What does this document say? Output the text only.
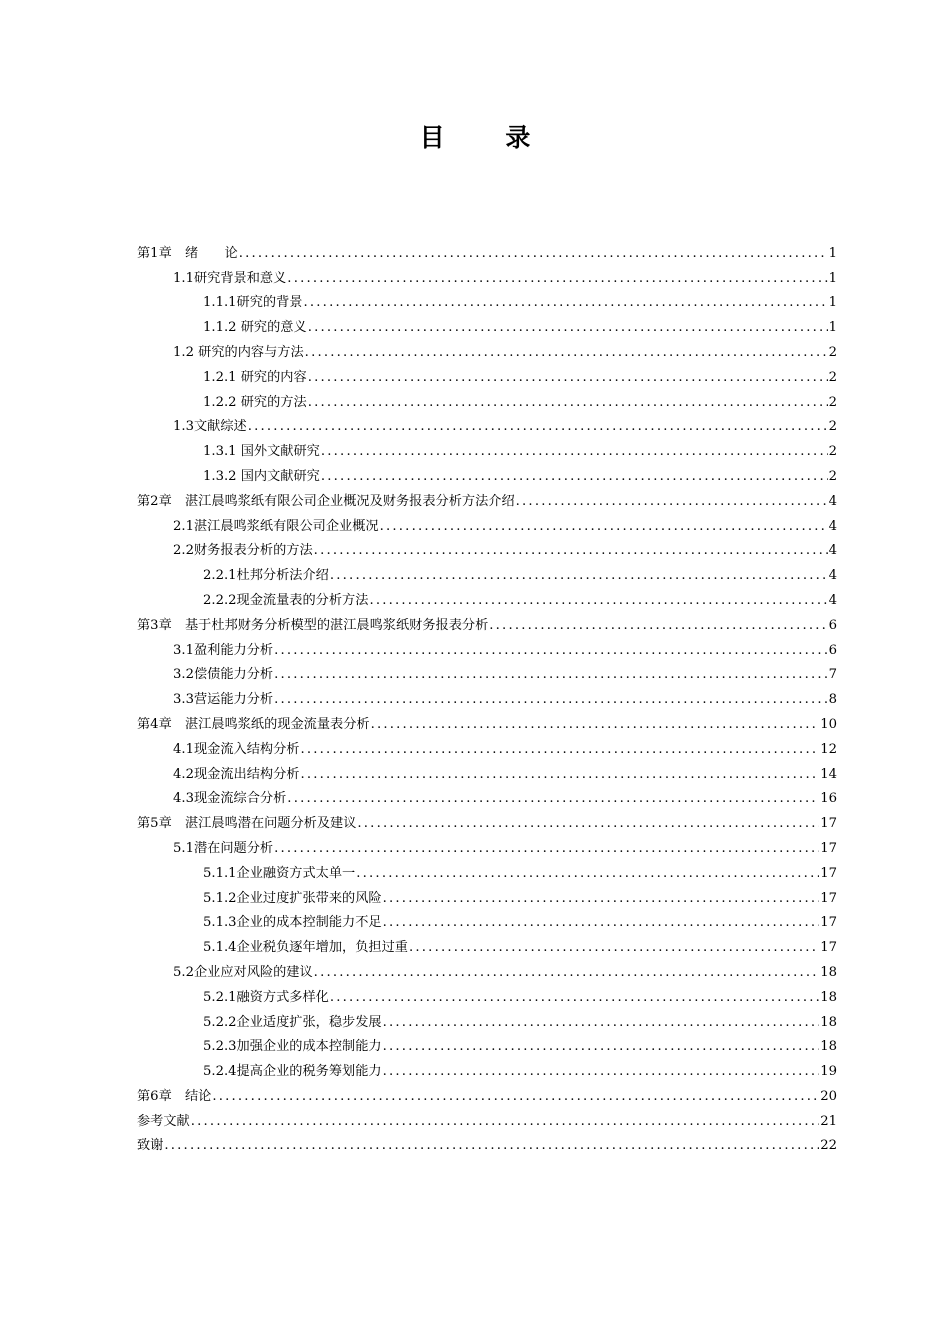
目 录
第1章　绪　　论 .....	1
1.1研究背景和意义 .....	1
1.1.1研究的背景 .....	1
1.1.2 研究的意义 .....	1
1.2 研究的内容与方法 .....	2
1.2.1 研究的内容 .....	2
1.2.2 研究的方法 .....	2
1.3文献综述 .....	2
1.3.1 国外文献研究 .....	2
1.3.2 国内文献研究 .....	2
第2章　湛江晨鸣浆纸有限公司企业概况及财务报表分析方法介绍 .....	4
2.1湛江晨鸣浆纸有限公司企业概况 .....	4
2.2财务报表分析的方法 .....	4
2.2.1杜邦分析法介绍 .....	4
2.2.2现金流量表的分析方法 .....	4
第3章　基于杜邦财务分析模型的湛江晨鸣浆纸财务报表分析 .....	6
3.1盈利能力分析 .....	6
3.2偿债能力分析 .....	7
3.3营运能力分析 .....	8
第4章　湛江晨鸣浆纸的现金流量表分析 .....	10
4.1现金流入结构分析 .....	12
4.2现金流出结构分析 .....	14
4.3现金流综合分析 .....	16
第5章　湛江晨鸣潜在问题分析及建议 .....	17
5.1潜在问题分析 .....	17
5.1.1企业融资方式太单一 .....	17
5.1.2企业过度扩张带来的风险 .....	17
5.1.3企业的成本控制能力不足 .....	17
5.1.4企业税负逐年增加，负担过重 .....	17
5.2企业应对风险的建议 .....	18
5.2.1融资方式多样化 .....	18
5.2.2企业适度扩张，稳步发展 .....	18
5.2.3加强企业的成本控制能力 .....	18
5.2.4提高企业的税务筹划能力 .....	19
第6章　结论 .....	20
参考文献 .....	21
致谢 .....	22
